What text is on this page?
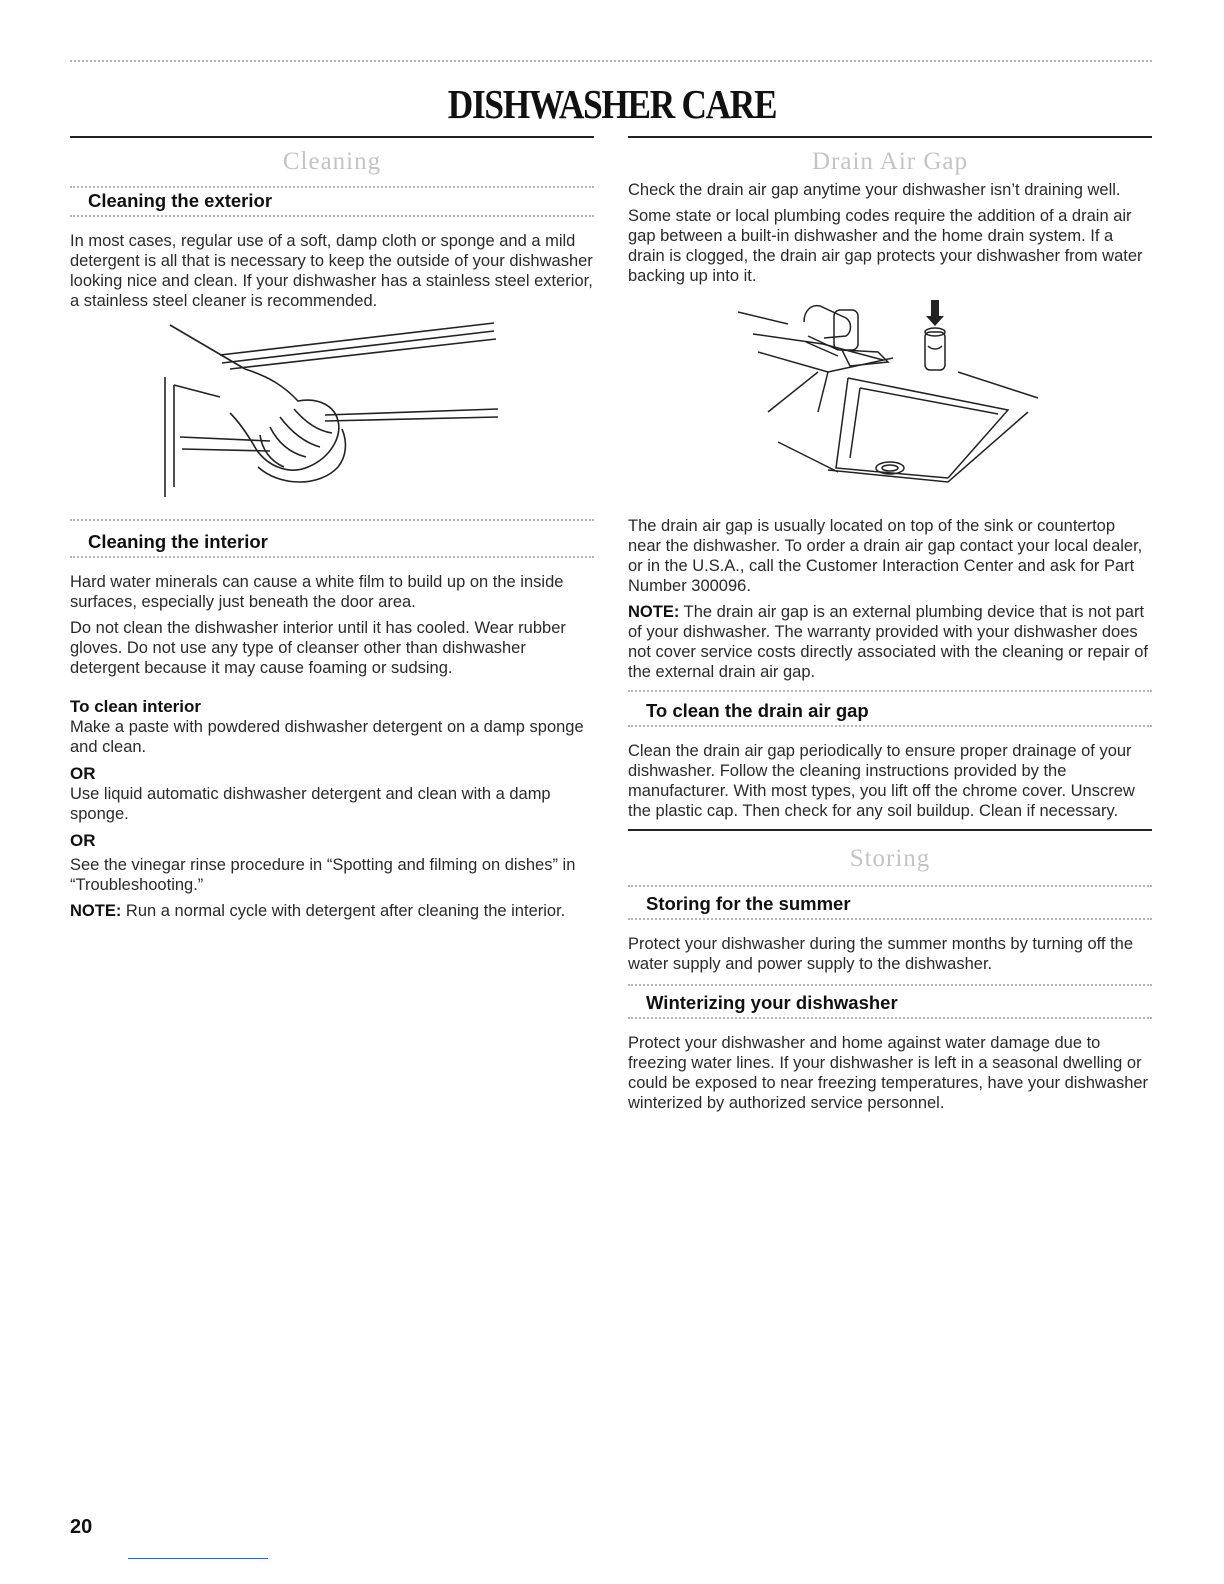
DISHWASHER CARE
Cleaning
Cleaning the exterior

In most cases, regular use of a soft, damp cloth or sponge and a mild detergent is all that is necessary to keep the outside of your dishwasher looking nice and clean. If your dishwasher has a stainless steel exterior, a stainless steel cleaner is recommended.

Cleaning the interior

Hard water minerals can cause a white film to build up on the inside surfaces, especially just beneath the door area.

Do not clean the dishwasher interior until it has cooled. Wear rubber gloves. Do not use any type of cleanser other than dishwasher detergent because it may cause foaming or sudsing.

To clean interior

Make a paste with powdered dishwasher detergent on a damp sponge and clean.

OR

Use liquid automatic dishwasher detergent and clean with a damp sponge.

OR

See the vinegar rinse procedure in “Spotting and filming on dishes” in “Troubleshooting.”

NOTE: Run a normal cycle with detergent after cleaning the interior.

Drain Air Gap

Check the drain air gap anytime your dishwasher isn’t draining well.

Some state or local plumbing codes require the addition of a drain air gap between a built-in dishwasher and the home drain system. If a drain is clogged, the drain air gap protects your dishwasher from water backing up into it.

The drain air gap is usually located on top of the sink or countertop near the dishwasher. To order a drain air gap contact your local dealer, or in the U.S.A., call the Customer Interaction Center and ask for Part Number 300096.

NOTE: The drain air gap is an external plumbing device that is not part of your dishwasher. The warranty provided with your dishwasher does not cover service costs directly associated with the cleaning or repair of the external drain air gap.

To clean the drain air gap

Clean the drain air gap periodically to ensure proper drainage of your dishwasher. Follow the cleaning instructions provided by the manufacturer. With most types, you lift off the chrome cover. Unscrew the plastic cap. Then check for any soil buildup. Clean if necessary.

Storing
Storing for the summer

Protect your dishwasher during the summer months by turning off the water supply and power supply to the dishwasher.

Winterizing your dishwasher

Protect your dishwasher and home against water damage due to freezing water lines. If your dishwasher is left in a seasonal dwelling or could be exposed to near freezing temperatures, have your dishwasher winterized by authorized service personnel.

20
